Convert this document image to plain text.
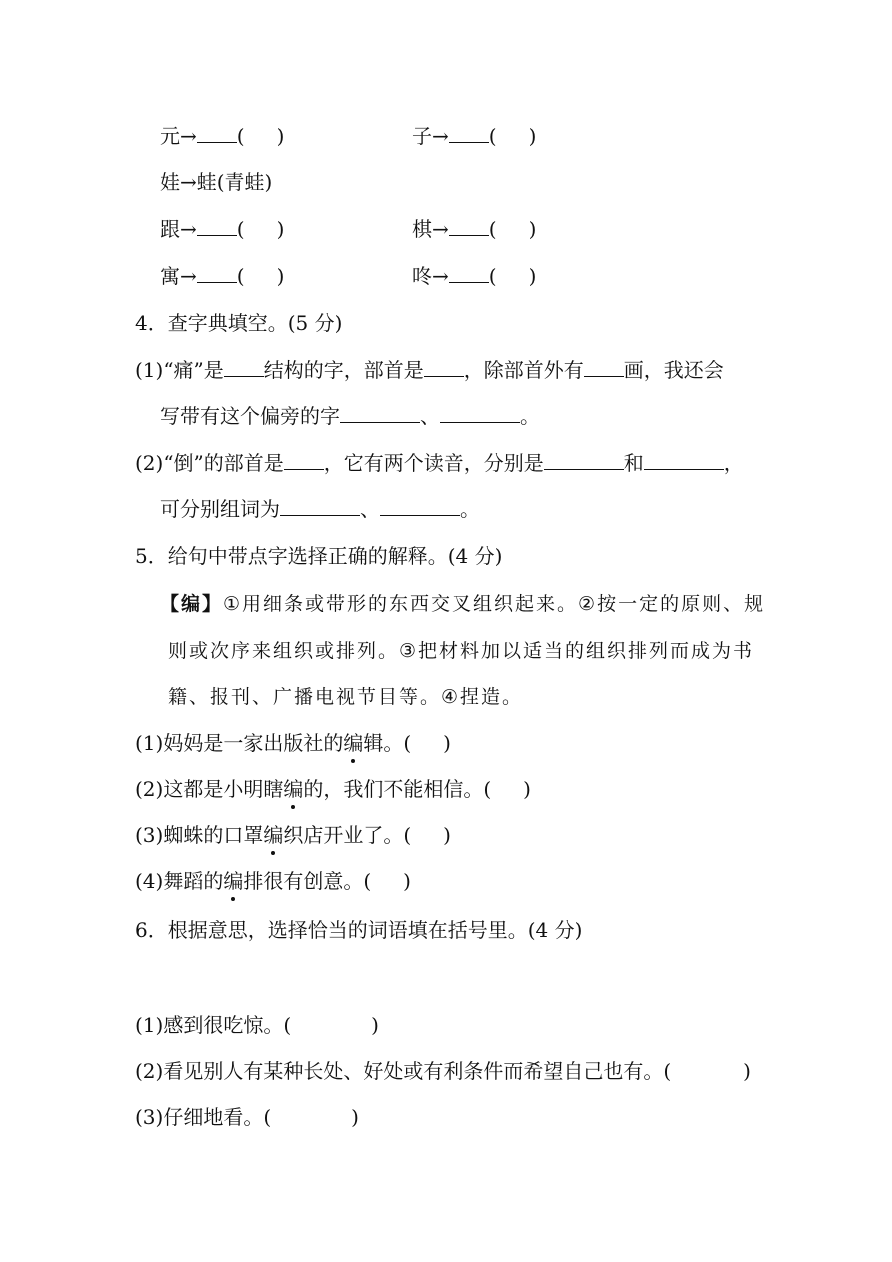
元→ ( )	子→ ( )
娃→蛙(青蛙)
跟→ ( )	棋→ ( )
寓→ ( )	咚→ ( )
4．查字典填空。(5 分)
(1)“痛”是 结构的字，部首是 ，除部首外有 画，我还会
写带有这个偏旁的字	、	。
(2)“倒”的部首是 ，它有两个读音，分别是	和	，
可分别组词为	、	。
5．给句中带点字选择正确的解释。(4 分)
【编】①用细条或带形的东西交叉组织起来。②按一定的原则、规
则或次序来组织或排列。③把材料加以适当的组织排列而成为书
籍、报刊、广播电视节目等。④捏造。
(1)妈妈是一家出版社的编辑。( )
(2)这都是小明瞎编的，我们不能相信。( )
(3)蜘蛛的口罩编织店开业了。( )
(4)舞蹈的编排很有创意。( )
6．根据意思，选择恰当的词语填在括号里。(4 分)
(1)感到很吃惊。(	)
(2)看见别人有某种长处、好处或有利条件而希望自己也有。(	)
(3)仔细地看。(	)
